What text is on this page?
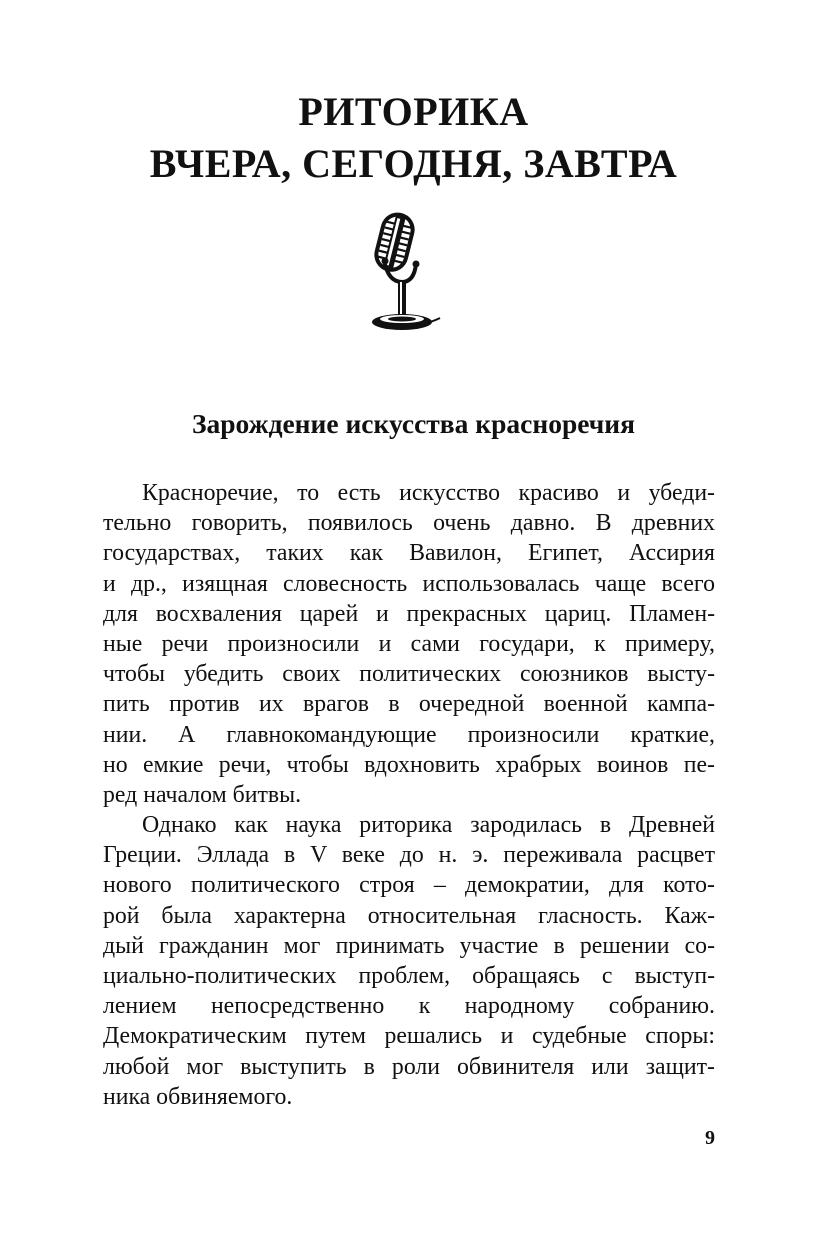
РИТОРИКА
ВЧЕРА, СЕГОДНЯ, ЗАВТРА
Зарождение искусства красноречия
Красноречие, то есть искусство красиво и убеди-
тельно говорить, появилось очень давно. В древних
государствах, таких как Вавилон, Египет, Ассирия
и др., изящная словесность использовалась чаще всего
для восхваления царей и прекрасных цариц. Пламен-
ные речи произносили и сами государи, к примеру,
чтобы убедить своих политических союзников высту-
пить против их врагов в очередной военной кампа-
нии. А главнокомандующие произносили краткие,
но емкие речи, чтобы вдохновить храбрых воинов пе-
ред началом битвы.
Однако как наука риторика зародилась в Древней
Греции. Эллада в V веке до н. э. переживала расцвет
нового политического строя – демократии, для кото-
рой была характерна относительная гласность. Каж-
дый гражданин мог принимать участие в решении со-
циально-политических проблем, обращаясь с выступ-
лением непосредственно к народному собранию.
Демократическим путем решались и судебные споры:
любой мог выступить в роли обвинителя или защит-
ника обвиняемого.
9
